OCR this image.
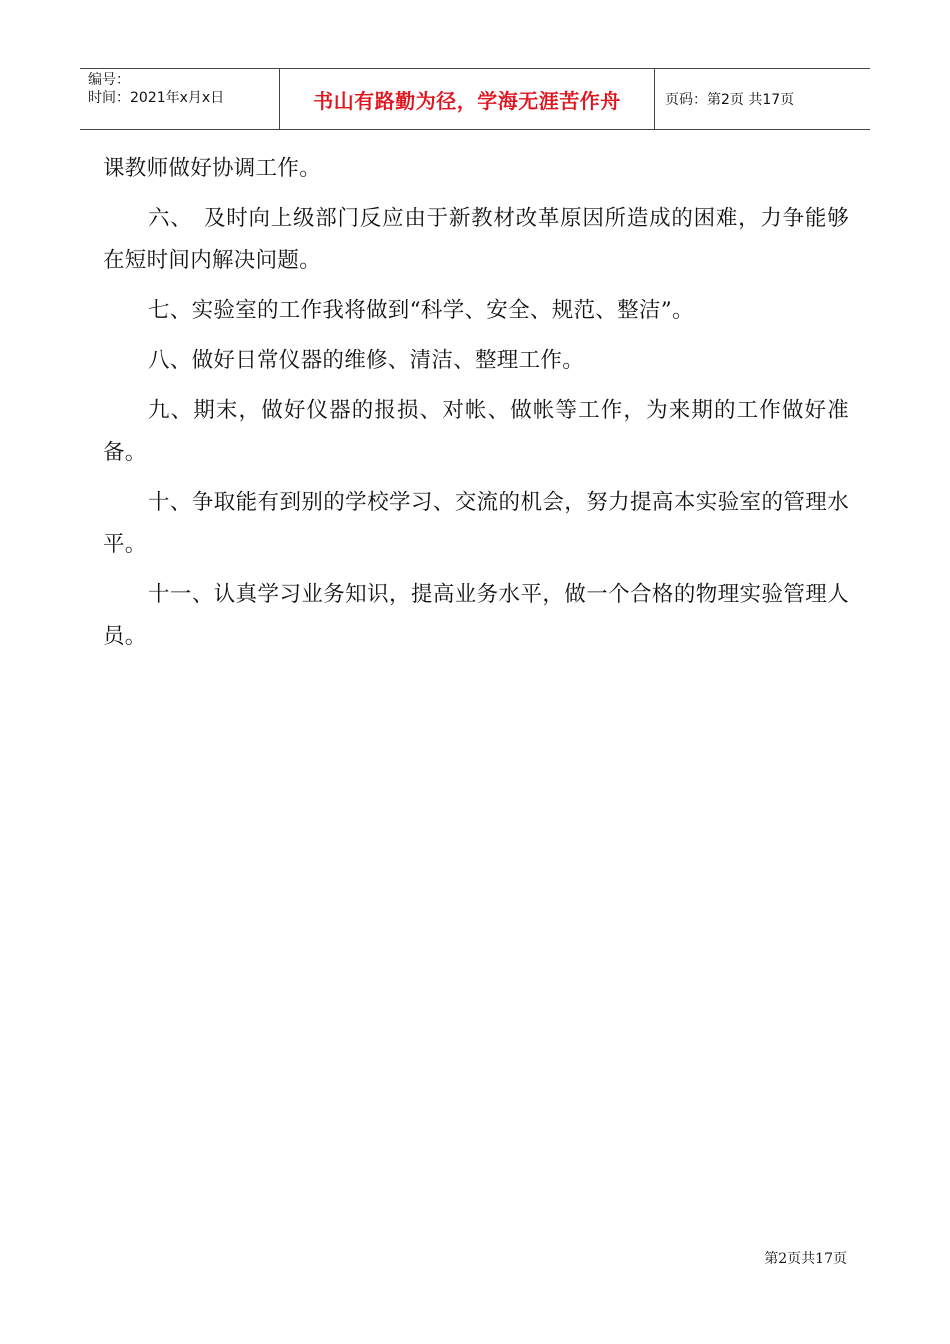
编号：
时间：2021年x月x日	书山有路勤为径，学海无涯苦作舟	页码：第2页 共17页

课教师做好协调工作。

六、　及时向上级部门反应由于新教材改革原因所造成的困难，力争能够在短时间内解决问题。

七、实验室的工作我将做到“科学、安全、规范、整洁”。

八、做好日常仪器的维修、清洁、整理工作。

九、期末，做好仪器的报损、对帐、做帐等工作，为来期的工作做好准备。

十、争取能有到别的学校学习、交流的机会，努力提高本实验室的管理水平。

十一、认真学习业务知识，提高业务水平，做一个合格的物理实验管理人员。

第2页共17页
